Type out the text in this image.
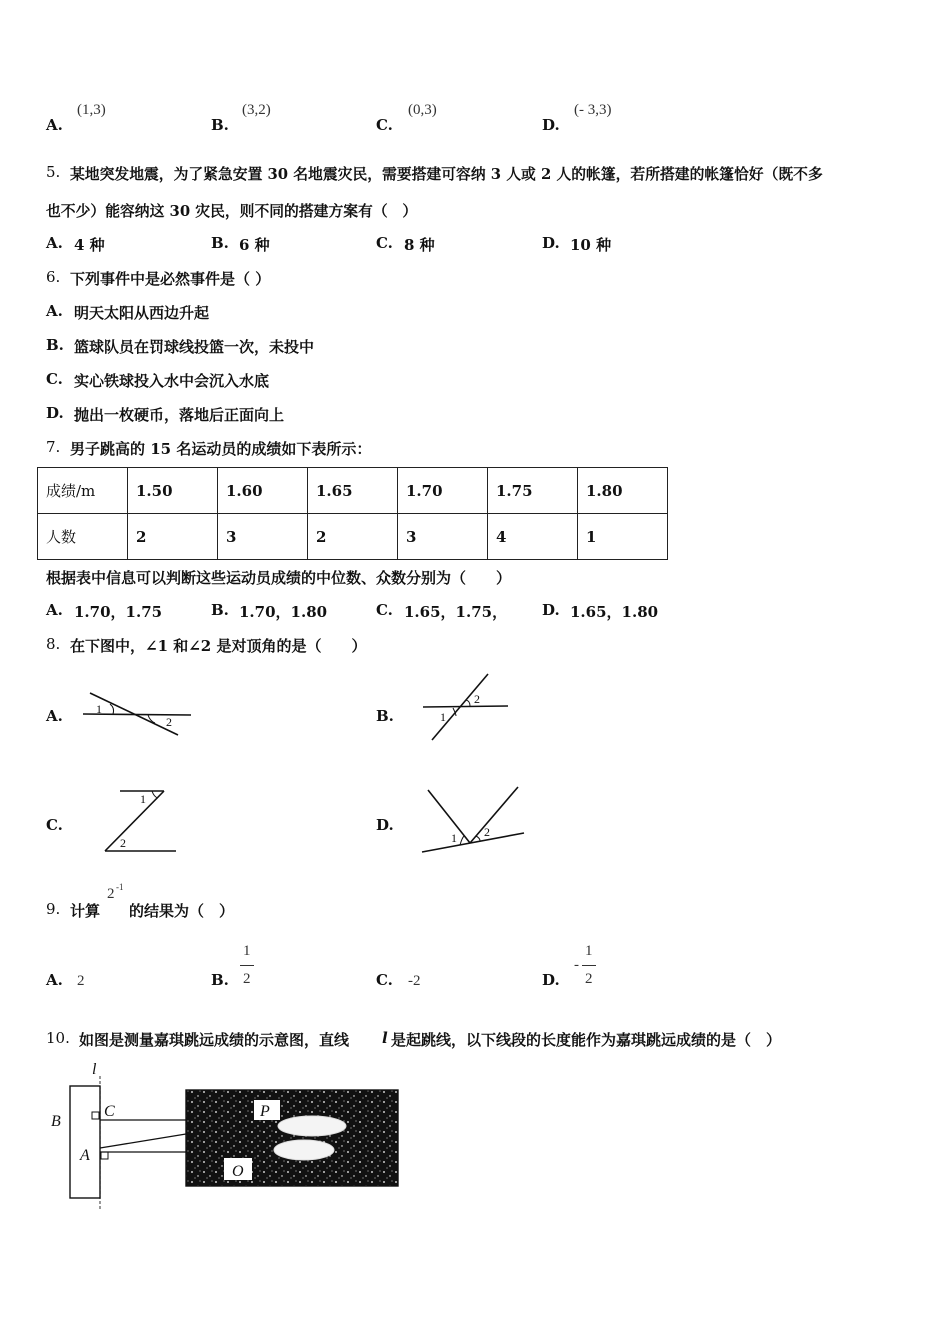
A.
(1,3)
B.
(3,2)
C.
(0,3)
D.
(- 3,3)
5. 某地突发地震，为了紧急安置 30 名地震灾民，需要搭建可容纳 3 人或 2 人的帐篷，若所搭建的帐篷恰好（既不多
也不少）能容纳这 30 灾民，则不同的搭建方案有（　）
A. 4 种	B. 6 种	C. 8 种	D. 10 种
6. 下列事件中是必然事件是（ ）
A. 明天太阳从西边升起
B. 篮球队员在罚球线投篮一次，未投中
C. 实心铁球投入水中会沉入水底
D. 抛出一枚硬币，落地后正面向上
7. 男子跳高的 15 名运动员的成绩如下表所示：
成绩/m	1.50	1.60	1.65	1.70	1.75	1.80
人数	2	3	2	3	4	1
根据表中信息可以判断这些运动员成绩的中位数、众数分别为（　　）
A. 1.70，1.75	B. 1.70，1.80	C. 1.65，1.75， D. 1.65，1.80
8. 在下图中，∠1 和∠2 是对顶角的是（　　）
A.	1
2	B.	1
2
C.
1
2
D.
1 2
9. 计算
2 -1
的结果为（　）
A. 2	B.
1
2	C. -2	D.
-
1
2
10. 如图是测量嘉琪跳远成绩的示意图，直线 l 是起跳线，以下线段的长度能作为嘉琪跳远成绩的是（　）
l
B
C
A
P
O
